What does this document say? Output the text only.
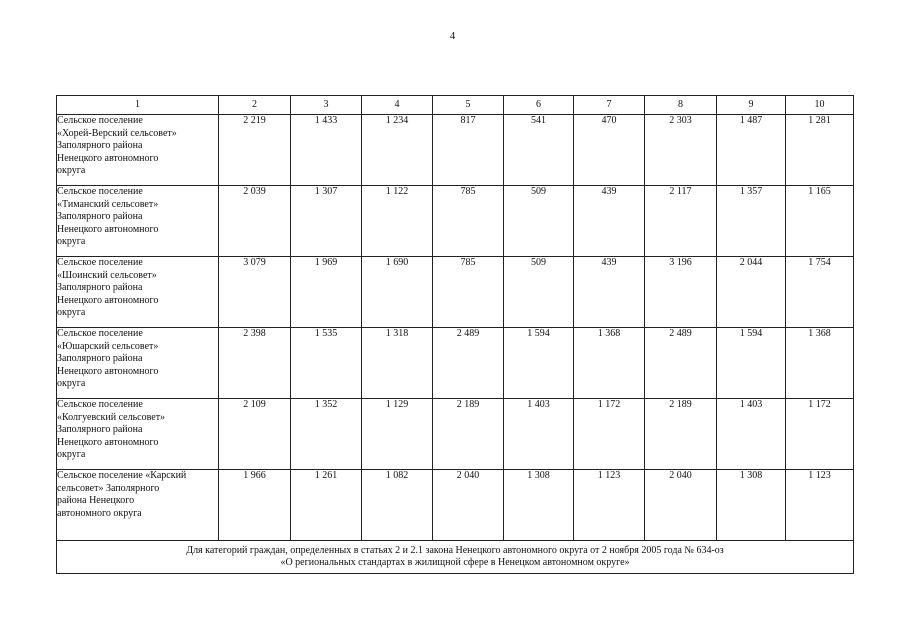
4
1	2	3	4	5	6	7	8	9	10

Сельское поселение
«Хорей-Верский сельсовет»
Заполярного района
Ненецкого автономного
округа	2 219	1 433	1 234	817	541	470	2 303	1 487	1 281

Сельское поселение
«Тиманский сельсовет»
Заполярного района
Ненецкого автономного
округа	2 039	1 307	1 122	785	509	439	2 117	1 357	1 165

Сельское поселение
«Шоинский сельсовет»
Заполярного района
Ненецкого автономного
округа	3 079	1 969	1 690	785	509	439	3 196	2 044	1 754

Сельское поселение
«Юшарский сельсовет»
Заполярного района
Ненецкого автономного
округа	2 398	1 535	1 318	2 489	1 594	1 368	2 489	1 594	1 368

Сельское поселение
«Колгуевский сельсовет»
Заполярного района
Ненецкого автономного
округа	2 109	1 352	1 129	2 189	1 403	1 172	2 189	1 403	1 172

Сельское поселение «Карский
сельсовет» Заполярного
района Ненецкого
автономного округа	1 966	1 261	1 082	2 040	1 308	1 123	2 040	1 308	1 123

Для категорий граждан, определенных в статьях 2 и 2.1 закона Ненецкого автономного округа от 2 ноября 2005 года № 634-оз
«О региональных стандартах в жилищной сфере в Ненецком автономном округе»									
